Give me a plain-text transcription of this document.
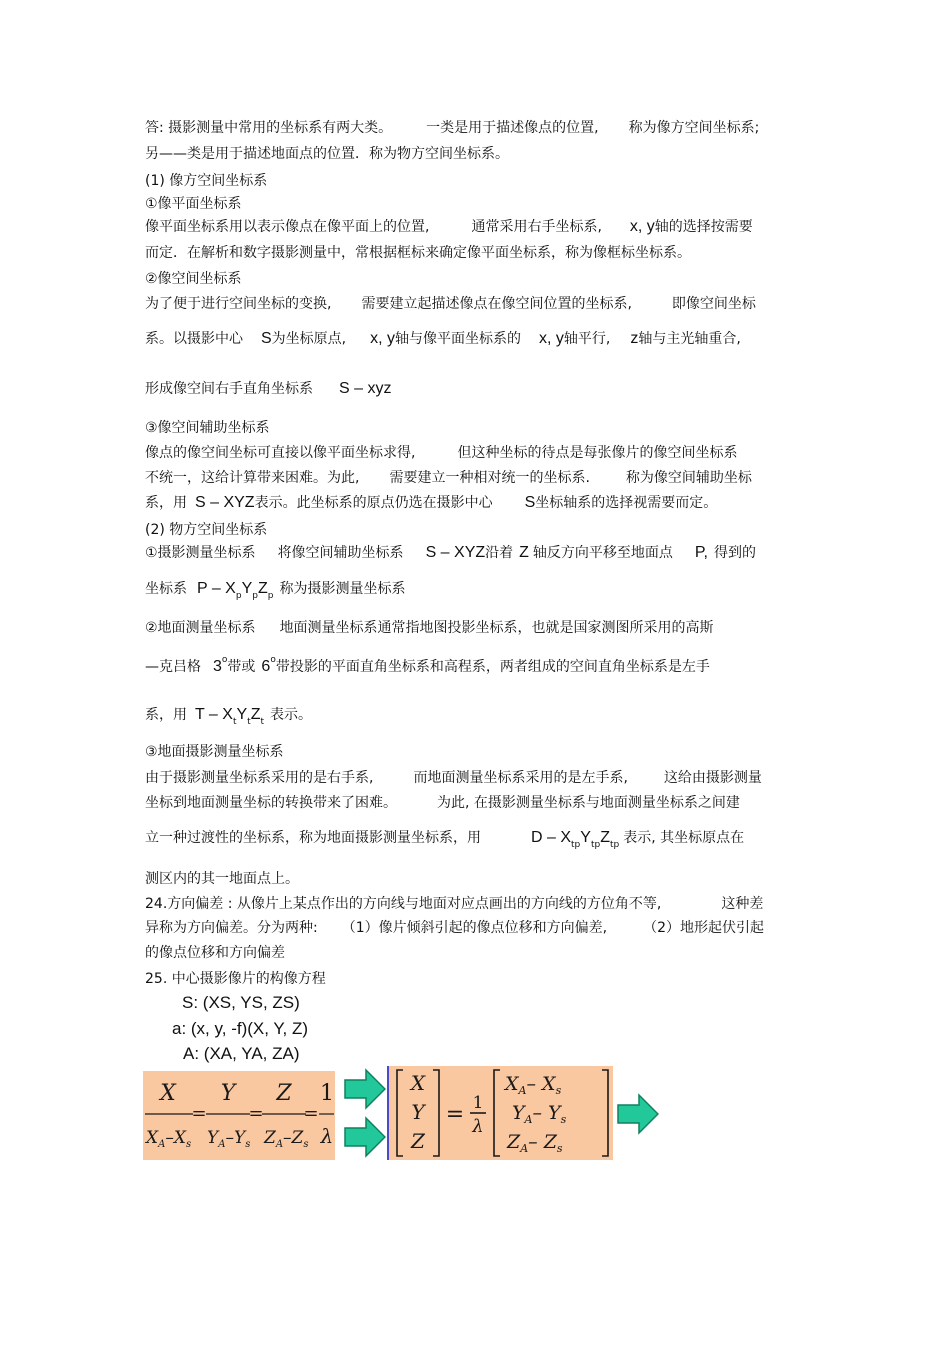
答: 摄影测量中常用的坐标系有两大类。 一类是用于描述像点的位置, 称为像方空间坐标系;
另——类是用于描述地面点的位置．称为物方空间坐标系。
(1) 像方空间坐标系
①像平面坐标系
像平面坐标系用以表示像点在像平面上的位置,	通常采用右手坐标系, x, y轴的选择按需要
而定．在解析和数字摄影测量中，常根据框标来确定像平面坐标系，称为像框标坐标系。
②像空间坐标系
为了便于进行空间坐标的变换, 需要建立起描述像点在像空间位置的坐标系,	即像空间坐标
系。以摄影中心 S为坐标原点, x, y轴与像平面坐标系的 x, y轴平行, z轴与主光轴重合,
形成像空间右手直角坐标系 S – xyz
③像空间辅助坐标系
像点的像空间坐标可直接以像平面坐标求得,	但这种坐标的待点是每张像片的像空间坐标系
不统一，这给计算带来困难。为此, 需要建立一种相对统一的坐标系.	称为像空间辅助坐标
系，用 S – XYZ表示。此坐标系的原点仍选在摄影中心 S坐标轴系的选择视需要而定。
(2) 物方空间坐标系
①摄影测量坐标系 将像空间辅助坐标系 S – XYZ沿着 Z 轴反方向平移至地面点 P, 得到的
坐标系 P – $X_pY_pZ_p$ 称为摄影测量坐标系
②地面测量坐标系 地面测量坐标系通常指地图投影坐标系，也就是国家测图所采用的高斯
—克吕格 3$^o$带或 6$^o$带投影的平面直角坐标系和高程系，两者组成的空间直角坐标系是左手
系，用 T – $X_tY_tZ_t$ 表示。
③地面摄影测量坐标系
由于摄影测量坐标系采用的是右手系,	而地面测量坐标系采用的是左手系,	这给由摄影测量
坐标到地面测量坐标的转换带来了困难。	为此, 在摄影测量坐标系与地面测量坐标系之间建
立一种过渡性的坐标系，称为地面摄影测量坐标系，用	D – $X_{tp}Y_{tp}Z_{tp}$ 表示, 其坐标原点在
测区内的其一地面点上。
24.方向偏差 : 从像片上某点作出的方向线与地面对应点画出的方向线的方位角不等,	这种差
异称为方向偏差。分为两种: （1）像片倾斜引起的像点位移和方向偏差,	（2）地形起伏引起
的像点位移和方向偏差
25. 中心摄影像片的构像方程
S: (XS, YS, ZS)
a: (x, y, -f)(X, Y, Z)
A: (XA, YA, ZA)
X Y Z 1
$X_A-X_s$ $Y_A-Y_s$ $Z_A-Z_s$ λ
= = =
X
Y
Z
= 1
λ
$X_A-$ $X_s$
$Y_A-$ $Y_s$
$Z_A-$ $Z_s$
